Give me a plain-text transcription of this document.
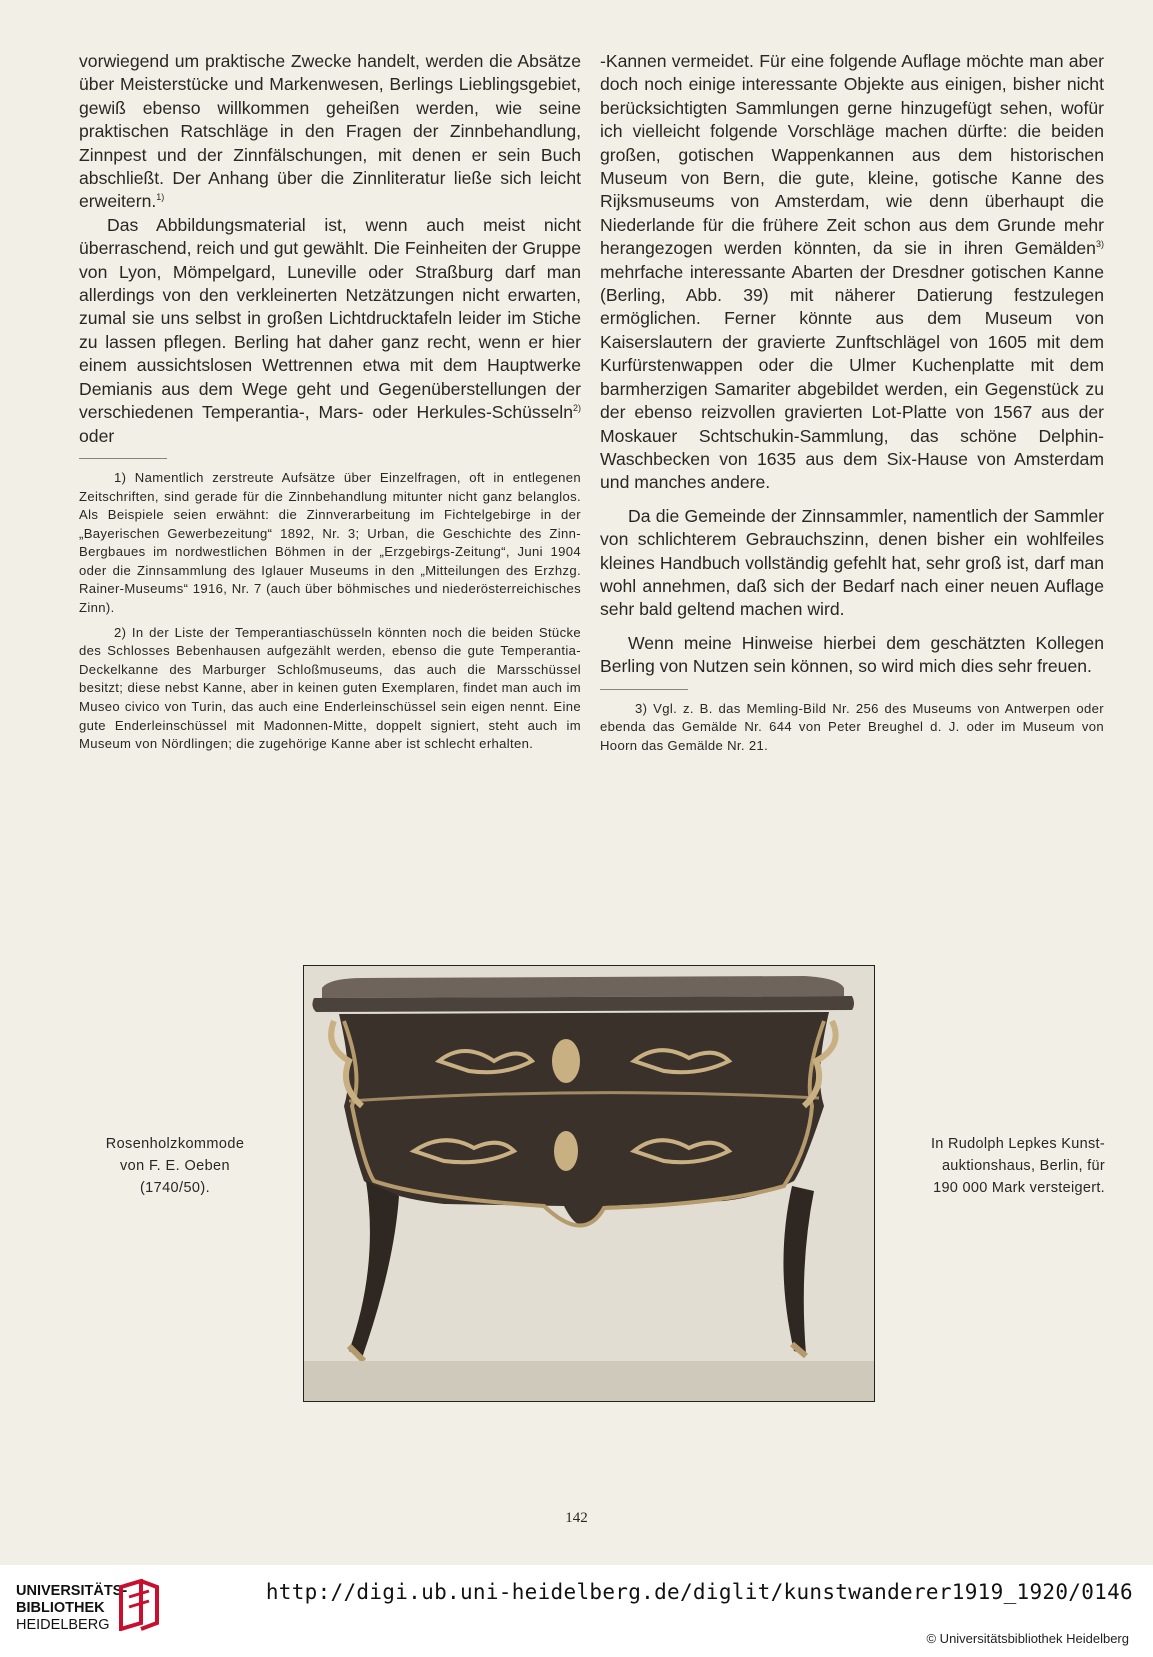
vorwiegend um praktische Zwecke handelt, werden die Absätze über Meisterstücke und Markenwesen, Berlings Lieblingsgebiet, gewiß ebenso willkommen geheißen werden, wie seine praktischen Ratschläge in den Fragen der Zinnbehandlung, Zinnpest und der Zinnfälschungen, mit denen er sein Buch abschließt. Der Anhang über die Zinnliteratur ließe sich leicht erweitern.$^{1)}$

Das Abbildungsmaterial ist, wenn auch meist nicht überraschend, reich und gut gewählt. Die Feinheiten der Gruppe von Lyon, Mömpelgard, Luneville oder Straßburg darf man allerdings von den verkleinerten Netzätzungen nicht erwarten, zumal sie uns selbst in großen Lichtdrucktafeln leider im Stiche zu lassen pflegen. Berling hat daher ganz recht, wenn er hier einem aussichtslosen Wettrennen etwa mit dem Hauptwerke Demianis aus dem Wege geht und Gegenüberstellungen der verschiedenen Temperantia-, Mars- oder Herkules-Schüsseln$^{2)}$ oder

1) Namentlich zerstreute Aufsätze über Einzelfragen, oft in entlegenen Zeitschriften, sind gerade für die Zinnbehandlung mitunter nicht ganz belanglos. Als Beispiele seien erwähnt: die Zinnverarbeitung im Fichtelgebirge in der „Bayerischen Gewerbezeitung“ 1892, Nr. 3; Urban, die Geschichte des Zinn-Bergbaues im nordwestlichen Böhmen in der „Erzgebirgs-Zeitung“, Juni 1904 oder die Zinnsammlung des Iglauer Museums in den „Mitteilungen des Erzhzg. Rainer-Museums“ 1916, Nr. 7 (auch über böhmisches und niederösterreichisches Zinn).

2) In der Liste der Temperantiaschüsseln könnten noch die beiden Stücke des Schlosses Bebenhausen aufgezählt werden, ebenso die gute Temperantia-Deckelkanne des Marburger Schloßmuseums, das auch die Marsschüssel besitzt; diese nebst Kanne, aber in keinen guten Exemplaren, findet man auch im Museo civico von Turin, das auch eine Enderleinschüssel sein eigen nennt. Eine gute Enderleinschüssel mit Madonnen-Mitte, doppelt signiert, steht auch im Museum von Nördlingen; die zugehörige Kanne aber ist schlecht erhalten.

-Kannen vermeidet. Für eine folgende Auflage möchte man aber doch noch einige interessante Objekte aus einigen, bisher nicht berücksichtigten Sammlungen gerne hinzugefügt sehen, wofür ich vielleicht folgende Vorschläge machen dürfte: die beiden großen, gotischen Wappenkannen aus dem historischen Museum von Bern, die gute, kleine, gotische Kanne des Rijksmuseums von Amsterdam, wie denn überhaupt die Niederlande für die frühere Zeit schon aus dem Grunde mehr herangezogen werden könnten, da sie in ihren Gemälden$^{3)}$ mehrfache interessante Abarten der Dresdner gotischen Kanne (Berling, Abb. 39) mit näherer Datierung festzulegen ermöglichen. Ferner könnte aus dem Museum von Kaiserslautern der gravierte Zunftschlägel von 1605 mit dem Kurfürstenwappen oder die Ulmer Kuchenplatte mit dem barmherzigen Samariter abgebildet werden, ein Gegenstück zu der ebenso reizvollen gravierten Lot-Platte von 1567 aus der Moskauer Schtschukin-Sammlung, das schöne Delphin-Waschbecken von 1635 aus dem Six-Hause von Amsterdam und manches andere.

Da die Gemeinde der Zinnsammler, namentlich der Sammler von schlichterem Gebrauchszinn, denen bisher ein wohlfeiles kleines Handbuch vollständig gefehlt hat, sehr groß ist, darf man wohl annehmen, daß sich der Bedarf nach einer neuen Auflage sehr bald geltend machen wird.

Wenn meine Hinweise hierbei dem geschätzten Kollegen Berling von Nutzen sein können, so wird mich dies sehr freuen.

3) Vgl. z. B. das Memling-Bild Nr. 256 des Museums von Antwerpen oder ebenda das Gemälde Nr. 644 von Peter Breughel d. J. oder im Museum von Hoorn das Gemälde Nr. 21.

Rosenholzkommode
von F. E. Oeben
(1740/50).
In Rudolph Lepkes Kunst-
auktionshaus, Berlin, für
190 000 Mark versteigert.
142
UNIVERSITÄTS-
BIBLIOTHEK
HEIDELBERG
http://digi.ub.uni-heidelberg.de/diglit/kunstwanderer1919_1920/0146
© Universitätsbibliothek Heidelberg
